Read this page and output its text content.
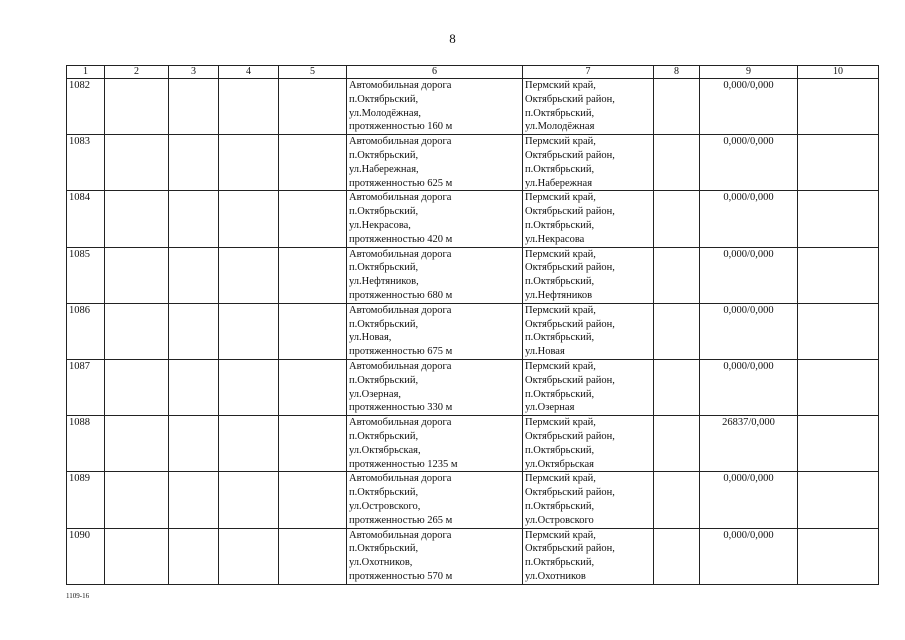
8
1	2	3	4	5	6	7	8	9	10
1082					Автомобильная дорога
п.Октябрьский,
ул.Молодёжная,
протяженностью 160 м	Пермский край,
Октябрьский район,
п.Октябрьский,
ул.Молодёжная		0,000/0,000	
1083					Автомобильная дорога
п.Октябрьский,
ул.Набережная,
протяженностью 625 м	Пермский край,
Октябрьский район,
п.Октябрьский,
ул.Набережная		0,000/0,000	
1084					Автомобильная дорога
п.Октябрьский,
ул.Некрасова,
протяженностью 420 м	Пермский край,
Октябрьский район,
п.Октябрьский,
ул.Некрасова		0,000/0,000	
1085					Автомобильная дорога
п.Октябрьский,
ул.Нефтяников,
протяженностью 680 м	Пермский край,
Октябрьский район,
п.Октябрьский,
ул.Нефтяников		0,000/0,000	
1086					Автомобильная дорога
п.Октябрьский,
ул.Новая,
протяженностью 675 м	Пермский край,
Октябрьский район,
п.Октябрьский,
ул.Новая		0,000/0,000	
1087					Автомобильная дорога
п.Октябрьский,
ул.Озерная,
протяженностью 330 м	Пермский край,
Октябрьский район,
п.Октябрьский,
ул.Озерная		0,000/0,000	
1088					Автомобильная дорога
п.Октябрьский,
ул.Октябрьская,
протяженностью 1235 м	Пермский край,
Октябрьский район,
п.Октябрьский,
ул.Октябрьская		26837/0,000	
1089					Автомобильная дорога
п.Октябрьский,
ул.Островского,
протяженностью 265 м	Пермский край,
Октябрьский район,
п.Октябрьский,
ул.Островского		0,000/0,000	
1090					Автомобильная дорога
п.Октябрьский,
ул.Охотников,
протяженностью 570 м	Пермский край,
Октябрьский район,
п.Октябрьский,
ул.Охотников		0,000/0,000	
1109-16
